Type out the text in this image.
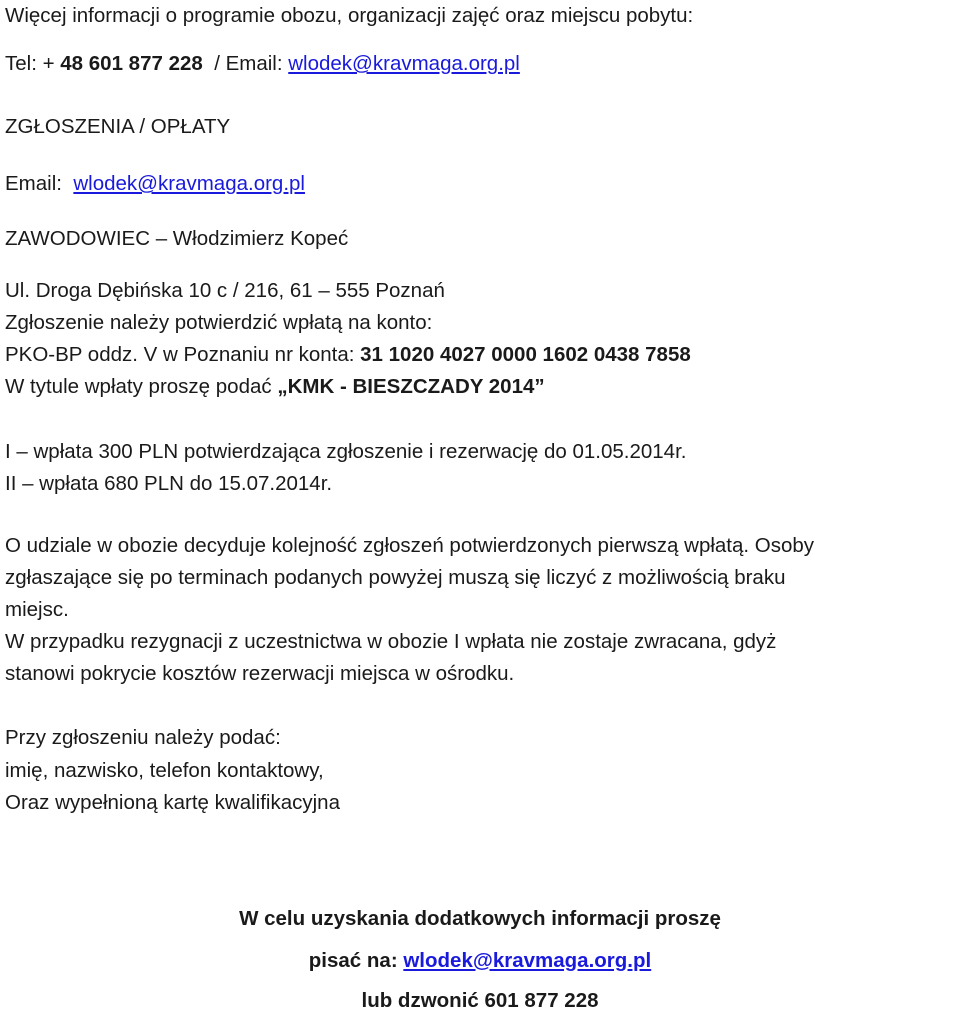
Więcej informacji o programie obozu, organizacji zajęć oraz miejscu pobytu:

Tel: + 48 601 877 228 / Email: wlodek@kravmaga.org.pl

ZGŁOSZENIA / OPŁATY

Email: wlodek@kravmaga.org.pl

ZAWODOWIEC – Włodzimierz Kopeć

Ul. Droga Dębińska 10 c / 216, 61 – 555 Poznań

Zgłoszenie należy potwierdzić wpłatą na konto:

PKO-BP oddz. V w Poznaniu nr konta: 31 1020 4027 0000 1602 0438 7858

W tytule wpłaty proszę podać „KMK - BIESZCZADY 2014”

I – wpłata 300 PLN potwierdzająca zgłoszenie i rezerwację do 01.05.2014r.

II – wpłata 680 PLN do 15.07.2014r.

O udziale w obozie decyduje kolejność zgłoszeń potwierdzonych pierwszą wpłatą. Osoby

zgłaszające się po terminach podanych powyżej muszą się liczyć z możliwością braku

miejsc.

W przypadku rezygnacji z uczestnictwa w obozie I wpłata nie zostaje zwracana, gdyż

stanowi pokrycie kosztów rezerwacji miejsca w ośrodku.

Przy zgłoszeniu należy podać:

imię, nazwisko, telefon kontaktowy,

Oraz wypełnioną kartę kwalifikacyjna

W celu uzyskania dodatkowych informacji proszę

pisać na: wlodek@kravmaga.org.pl

lub dzwonić 601 877 228
